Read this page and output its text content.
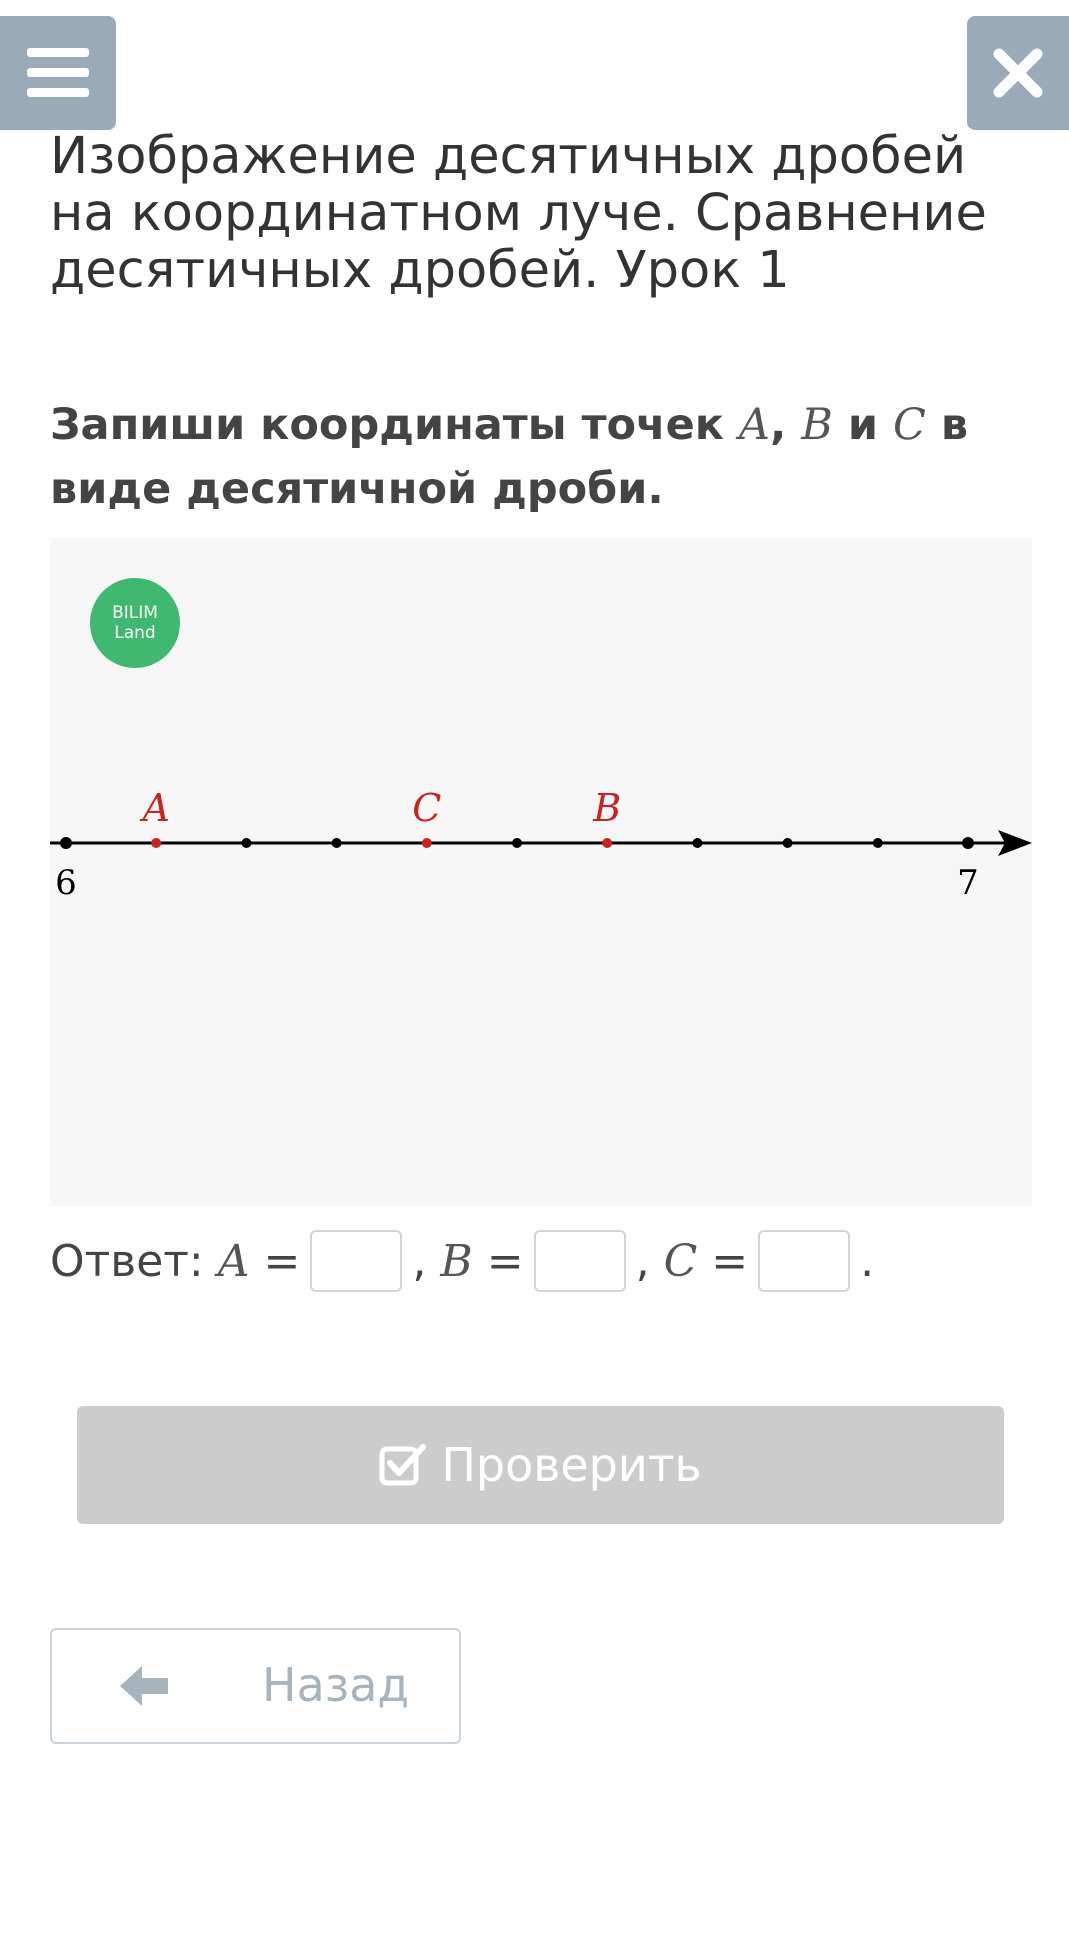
Изображение десятичных дробей на координатном луче. Сравнение десятичных дробей. Урок 1

Запиши координаты точек A, B и C в виде десятичной дроби.

BILIM
Land
A	C	B
6	7
Ответ: A =	, B =	, C =	.
Проверить
Назад
